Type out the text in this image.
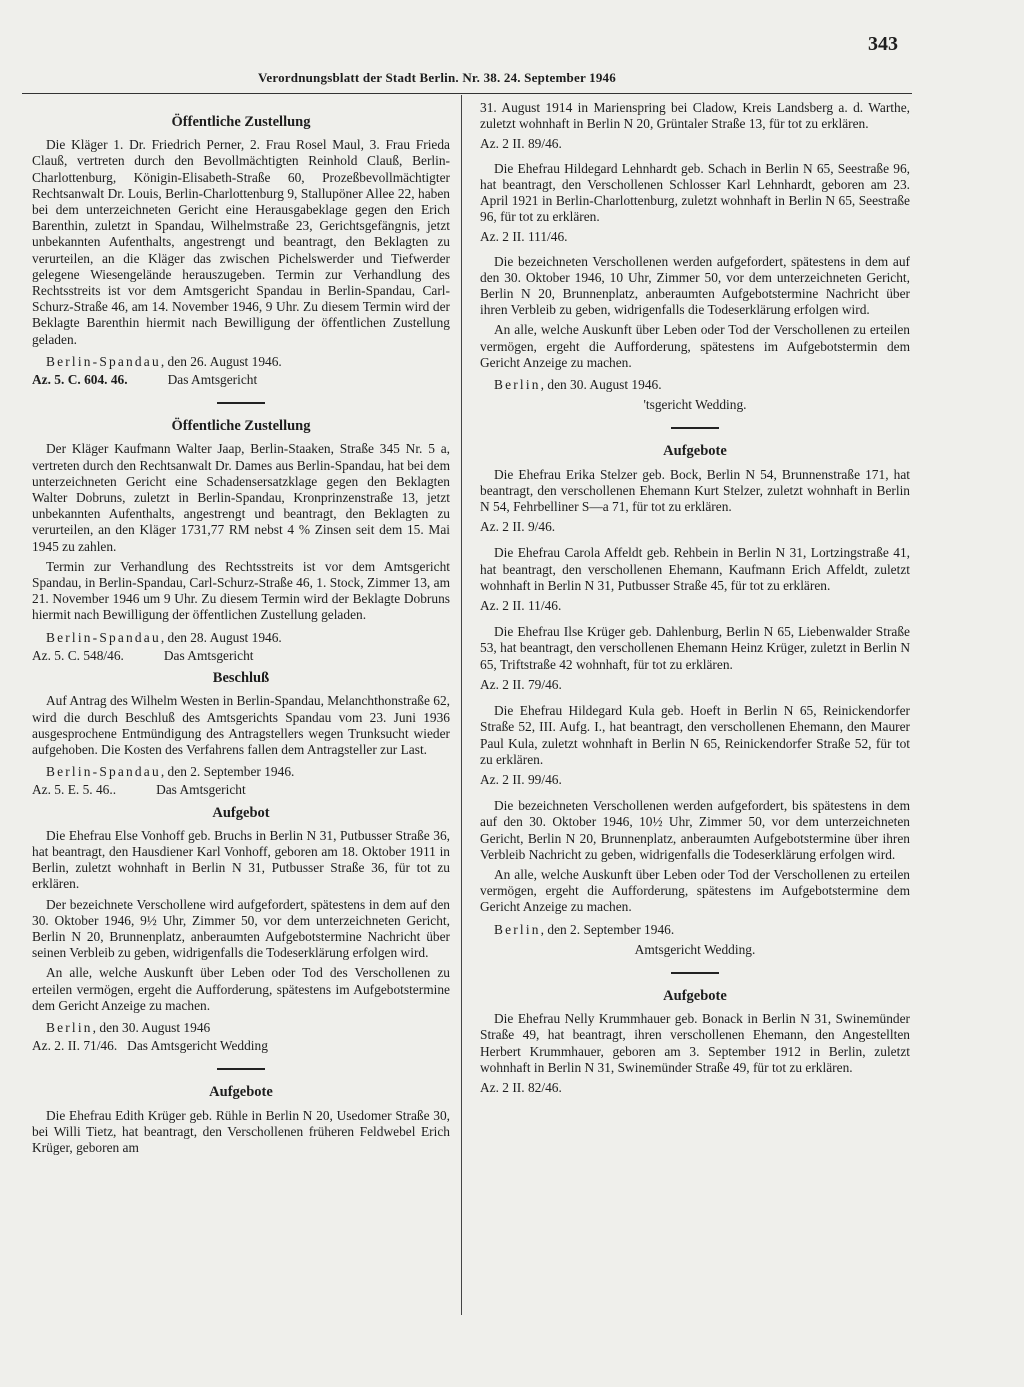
343
Verordnungsblatt der Stadt Berlin. Nr. 38. 24. September 1946
Öffentliche Zustellung

Die Kläger 1. Dr. Friedrich Perner, 2. Frau Rosel Maul, 3. Frau Frieda Clauß, vertreten durch den Bevollmächtigten Reinhold Clauß, Berlin-Charlottenburg, Königin-Elisabeth-Straße 60, Prozeßbevollmächtigter Rechtsanwalt Dr. Louis, Berlin-Charlottenburg 9, Stallupöner Allee 22, haben bei dem unterzeichneten Gericht eine Herausgabeklage gegen den Erich Barenthin, zuletzt in Spandau, Wilhelmstraße 23, Gerichtsgefängnis, jetzt unbekannten Aufenthalts, angestrengt und beantragt, den Beklagten zu verurteilen, an die Kläger das zwischen Pichelswerder und Tiefwerder gelegene Wiesengelände herauszugeben. Termin zur Verhandlung des Rechtsstreits ist vor dem Amtsgericht Spandau in Berlin-Spandau, Carl-Schurz-Straße 46, am 14. November 1946, 9 Uhr. Zu diesem Termin wird der Beklagte Barenthin hiermit nach Bewilligung der öffentlichen Zustellung geladen.

Berlin-Spandau, den 26. August 1946.

Az. 5. C. 604. 46.	Das Amtsgericht

Öffentliche Zustellung

Der Kläger Kaufmann Walter Jaap, Berlin-Staaken, Straße 345 Nr. 5 a, vertreten durch den Rechtsanwalt Dr. Dames aus Berlin-Spandau, hat bei dem unterzeichneten Gericht eine Schadensersatzklage gegen den Beklagten Walter Dobruns, zuletzt in Berlin-Spandau, Kronprinzenstraße 13, jetzt unbekannten Aufenthalts, angestrengt und beantragt, den Beklagten zu verurteilen, an den Kläger 1731,77 RM nebst 4 % Zinsen seit dem 15. Mai 1945 zu zahlen.

Termin zur Verhandlung des Rechtsstreits ist vor dem Amtsgericht Spandau, in Berlin-Spandau, Carl-Schurz-Straße 46, 1. Stock, Zimmer 13, am 21. November 1946 um 9 Uhr. Zu diesem Termin wird der Beklagte Dobruns hiermit nach Bewilligung der öffentlichen Zustellung geladen.

Berlin-Spandau, den 28. August 1946.

Az. 5. C. 548/46.	Das Amtsgericht

Beschluß

Auf Antrag des Wilhelm Westen in Berlin-Spandau, Melanchthonstraße 62, wird die durch Beschluß des Amtsgerichts Spandau vom 23. Juni 1936 ausgesprochene Entmündigung des Antragstellers wegen Trunksucht wieder aufgehoben. Die Kosten des Verfahrens fallen dem Antragsteller zur Last.

Berlin-Spandau, den 2. September 1946.

Az. 5. E. 5. 46..	Das Amtsgericht

Aufgebot

Die Ehefrau Else Vonhoff geb. Bruchs in Berlin N 31, Putbusser Straße 36, hat beantragt, den Hausdiener Karl Vonhoff, geboren am 18. Oktober 1911 in Berlin, zuletzt wohnhaft in Berlin N 31, Putbusser Straße 36, für tot zu erklären.

Der bezeichnete Verschollene wird aufgefordert, spätestens in dem auf den 30. Oktober 1946, 9½ Uhr, Zimmer 50, vor dem unterzeichneten Gericht, Berlin N 20, Brunnenplatz, anberaumten Aufgebotstermine Nachricht über seinen Verbleib zu geben, widrigenfalls die Todeserklärung erfolgen wird.

An alle, welche Auskunft über Leben oder Tod des Verschollenen zu erteilen vermögen, ergeht die Aufforderung, spätestens im Aufgebotstermine dem Gericht Anzeige zu machen.

Berlin, den 30. August 1946

Az. 2. II. 71/46. Das Amtsgericht Wedding

Aufgebote

Die Ehefrau Edith Krüger geb. Rühle in Berlin N 20, Usedomer Straße 30, bei Willi Tietz, hat beantragt, den Verschollenen früheren Feldwebel Erich Krüger, geboren am

31. August 1914 in Marienspring bei Cladow, Kreis Landsberg a. d. Warthe, zuletzt wohnhaft in Berlin N 20, Grüntaler Straße 13, für tot zu erklären.

Az. 2 II. 89/46.

Die Ehefrau Hildegard Lehnhardt geb. Schach in Berlin N 65, Seestraße 96, hat beantragt, den Verschollenen Schlosser Karl Lehnhardt, geboren am 23. April 1921 in Berlin-Charlottenburg, zuletzt wohnhaft in Berlin N 65, Seestraße 96, für tot zu erklären.

Az. 2 II. 111/46.

Die bezeichneten Verschollenen werden aufgefordert, spätestens in dem auf den 30. Oktober 1946, 10 Uhr, Zimmer 50, vor dem unterzeichneten Gericht, Berlin N 20, Brunnenplatz, anberaumten Aufgebotstermine Nachricht über ihren Verbleib zu geben, widrigenfalls die Todeserklärung erfolgen wird.

An alle, welche Auskunft über Leben oder Tod der Verschollenen zu erteilen vermögen, ergeht die Aufforderung, spätestens im Aufgebotstermin dem Gericht Anzeige zu machen.

Berlin, den 30. August 1946.

'tsgericht Wedding.

Aufgebote

Die Ehefrau Erika Stelzer geb. Bock, Berlin N 54, Brunnenstraße 171, hat beantragt, den verschollenen Ehemann Kurt Stelzer, zuletzt wohnhaft in Berlin N 54, Fehrbelliner S—a 71, für tot zu erklären.

Az. 2 II. 9/46.

Die Ehefrau Carola Affeldt geb. Rehbein in Berlin N 31, Lortzingstraße 41, hat beantragt, den verschollenen Ehemann, Kaufmann Erich Affeldt, zuletzt wohnhaft in Berlin N 31, Putbusser Straße 45, für tot zu erklären.

Az. 2 II. 11/46.

Die Ehefrau Ilse Krüger geb. Dahlenburg, Berlin N 65, Liebenwalder Straße 53, hat beantragt, den verschollenen Ehemann Heinz Krüger, zuletzt in Berlin N 65, Triftstraße 42 wohnhaft, für tot zu erklären.

Az. 2 II. 79/46.

Die Ehefrau Hildegard Kula geb. Hoeft in Berlin N 65, Reinickendorfer Straße 52, III. Aufg. I., hat beantragt, den verschollenen Ehemann, den Maurer Paul Kula, zuletzt wohnhaft in Berlin N 65, Reinickendorfer Straße 52, für tot zu erklären.

Az. 2 II. 99/46.

Die bezeichneten Verschollenen werden aufgefordert, bis spätestens in dem auf den 30. Oktober 1946, 10½ Uhr, Zimmer 50, vor dem unterzeichneten Gericht, Berlin N 20, Brunnenplatz, anberaumten Aufgebotstermine über ihren Verbleib Nachricht zu geben, widrigenfalls die Todeserklärung erfolgen wird.

An alle, welche Auskunft über Leben oder Tod der Verschollenen zu erteilen vermögen, ergeht die Aufforderung, spätestens im Aufgebotstermine dem Gericht Anzeige zu machen.

Berlin, den 2. September 1946.

Amtsgericht Wedding.

Aufgebote

Die Ehefrau Nelly Krummhauer geb. Bonack in Berlin N 31, Swinemünder Straße 49, hat beantragt, ihren verschollenen Ehemann, den Angestellten Herbert Krummhauer, geboren am 3. September 1912 in Berlin, zuletzt wohnhaft in Berlin N 31, Swinemünder Straße 49, für tot zu erklären.

Az. 2 II. 82/46.
